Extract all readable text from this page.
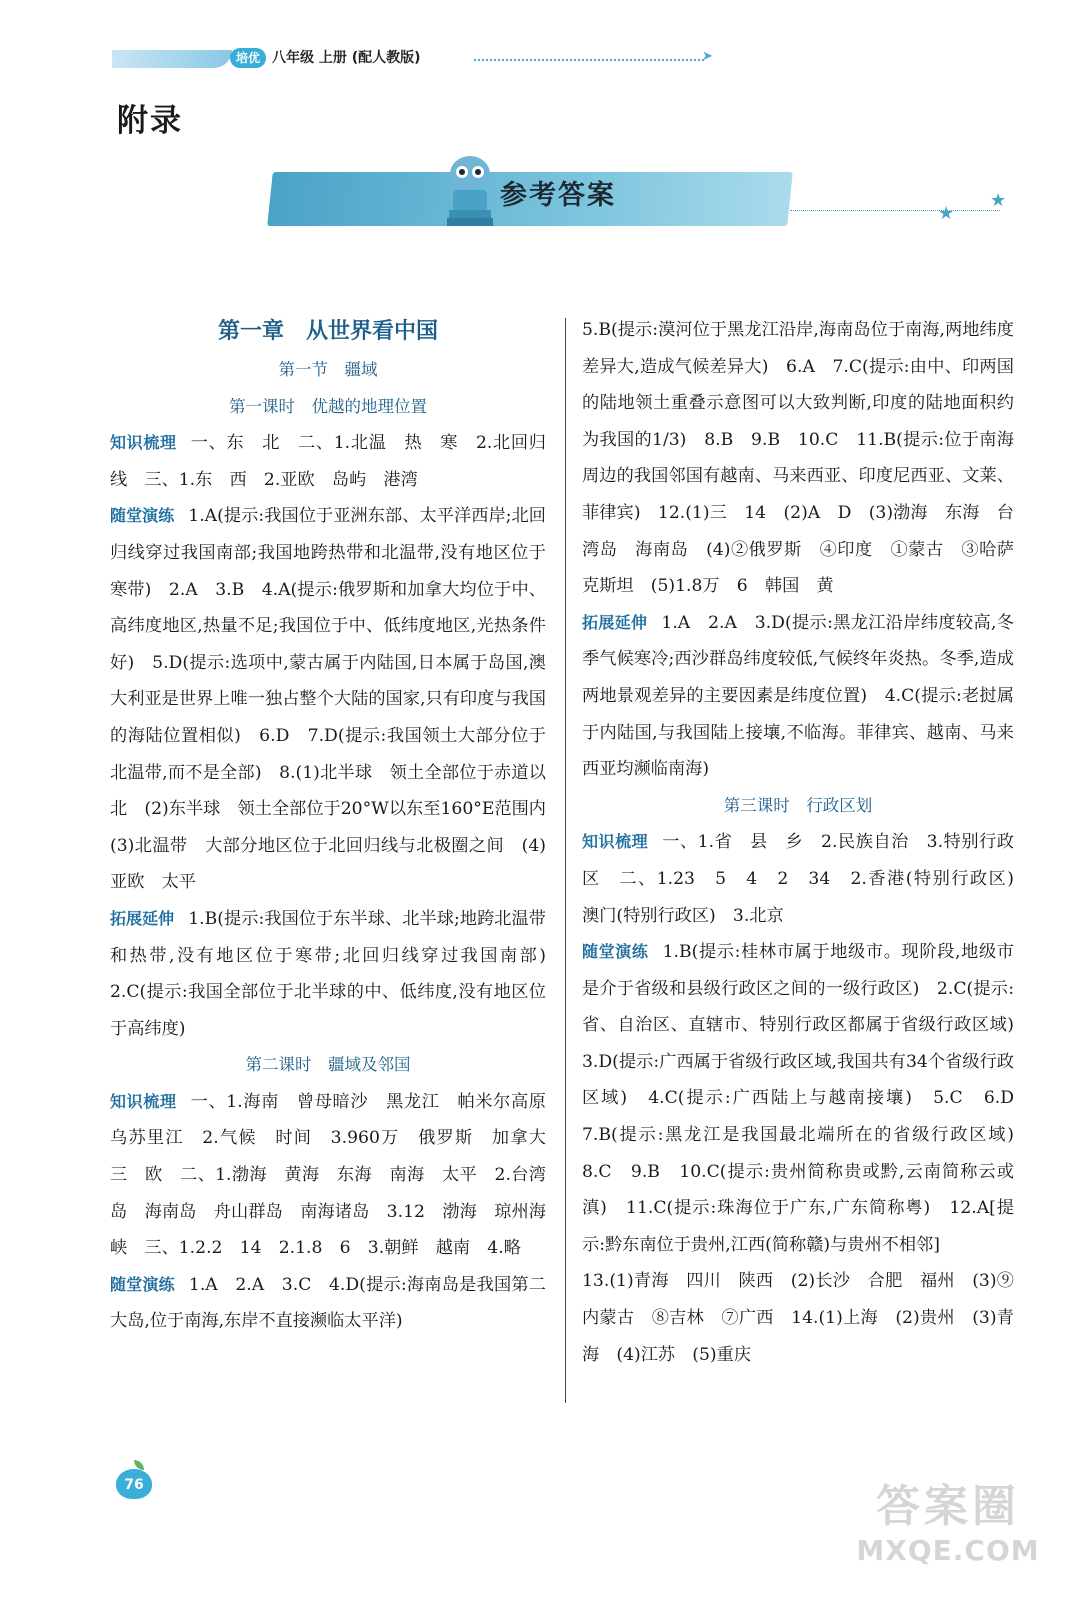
培优 八年级 上册 (配人教版)	➤
附录
参考答案
★
★

第一章　从世界看中国

第一节　疆域

第一课时　优越的地理位置

知识梳理 一、东　北　二、1.北温　热　寒　2.北回归线　三、1.东　西　2.亚欧　岛屿　港湾

随堂演练 1.A(提示:我国位于亚洲东部、太平洋西岸;北回归线穿过我国南部;我国地跨热带和北温带,没有地区位于寒带)　2.A　3.B　4.A(提示:俄罗斯和加拿大均位于中、高纬度地区,热量不足;我国位于中、低纬度地区,光热条件好)　5.D(提示:选项中,蒙古属于内陆国,日本属于岛国,澳大利亚是世界上唯一独占整个大陆的国家,只有印度与我国的海陆位置相似)　6.D　7.D(提示:我国领土大部分位于北温带,而不是全部)　8.(1)北半球　领土全部位于赤道以北　(2)东半球　领土全部位于20°W以东至160°E范围内　(3)北温带　大部分地区位于北回归线与北极圈之间　(4)亚欧　太平

拓展延伸 1.B(提示:我国位于东半球、北半球;地跨北温带和热带,没有地区位于寒带;北回归线穿过我国南部)　2.C(提示:我国全部位于北半球的中、低纬度,没有地区位于高纬度)

第二课时　疆域及邻国

知识梳理 一、1.海南　曾母暗沙　黑龙江　帕米尔高原　乌苏里江　2.气候　时间　3.960万　俄罗斯　加拿大　三　欧　二、1.渤海　黄海　东海　南海　太平　2.台湾岛　海南岛　舟山群岛　南海诸岛　3.12　渤海　琼州海峡　三、1.2.2　14　2.1.8　6　3.朝鲜　越南　4.略

随堂演练 1.A　2.A　3.C　4.D(提示:海南岛是我国第二大岛,位于南海,东岸不直接濒临太平洋)

5.B(提示:漠河位于黑龙江沿岸,海南岛位于南海,两地纬度差异大,造成气候差异大)　6.A　7.C(提示:由中、印两国的陆地领土重叠示意图可以大致判断,印度的陆地面积约为我国的1/3)　8.B　9.B　10.C　11.B(提示:位于南海周边的我国邻国有越南、马来西亚、印度尼西亚、文莱、菲律宾)　12.(1)三　14　(2)A　D　(3)渤海　东海　台湾岛　海南岛　(4)②俄罗斯　④印度　①蒙古　③哈萨克斯坦　(5)1.8万　6　韩国　黄

拓展延伸 1.A　2.A　3.D(提示:黑龙江沿岸纬度较高,冬季气候寒冷;西沙群岛纬度较低,气候终年炎热。冬季,造成两地景观差异的主要因素是纬度位置)　4.C(提示:老挝属于内陆国,与我国陆上接壤,不临海。菲律宾、越南、马来西亚均濒临南海)

第三课时　行政区划

知识梳理 一、1.省　县　乡　2.民族自治　3.特别行政区　二、1.23　5　4　2　34　2.香港(特别行政区)　澳门(特别行政区)　3.北京

随堂演练 1.B(提示:桂林市属于地级市。现阶段,地级市是介于省级和县级行政区之间的一级行政区)　2.C(提示:省、自治区、直辖市、特别行政区都属于省级行政区域)　3.D(提示:广西属于省级行政区域,我国共有34个省级行政区域)　4.C(提示:广西陆上与越南接壤)　5.C　6.D　7.B(提示:黑龙江是我国最北端所在的省级行政区域)　8.C　9.B　10.C(提示:贵州简称贵或黔,云南简称云或滇)　11.C(提示:珠海位于广东,广东简称粤)　12.A[提示:黔东南位于贵州,江西(简称赣)与贵州不相邻]

13.(1)青海　四川　陕西　(2)长沙　合肥　福州　(3)⑨内蒙古　⑧吉林　⑦广西　14.(1)上海　(2)贵州　(3)青海　(4)江苏　(5)重庆

76	答案圈
MXQE.COM
